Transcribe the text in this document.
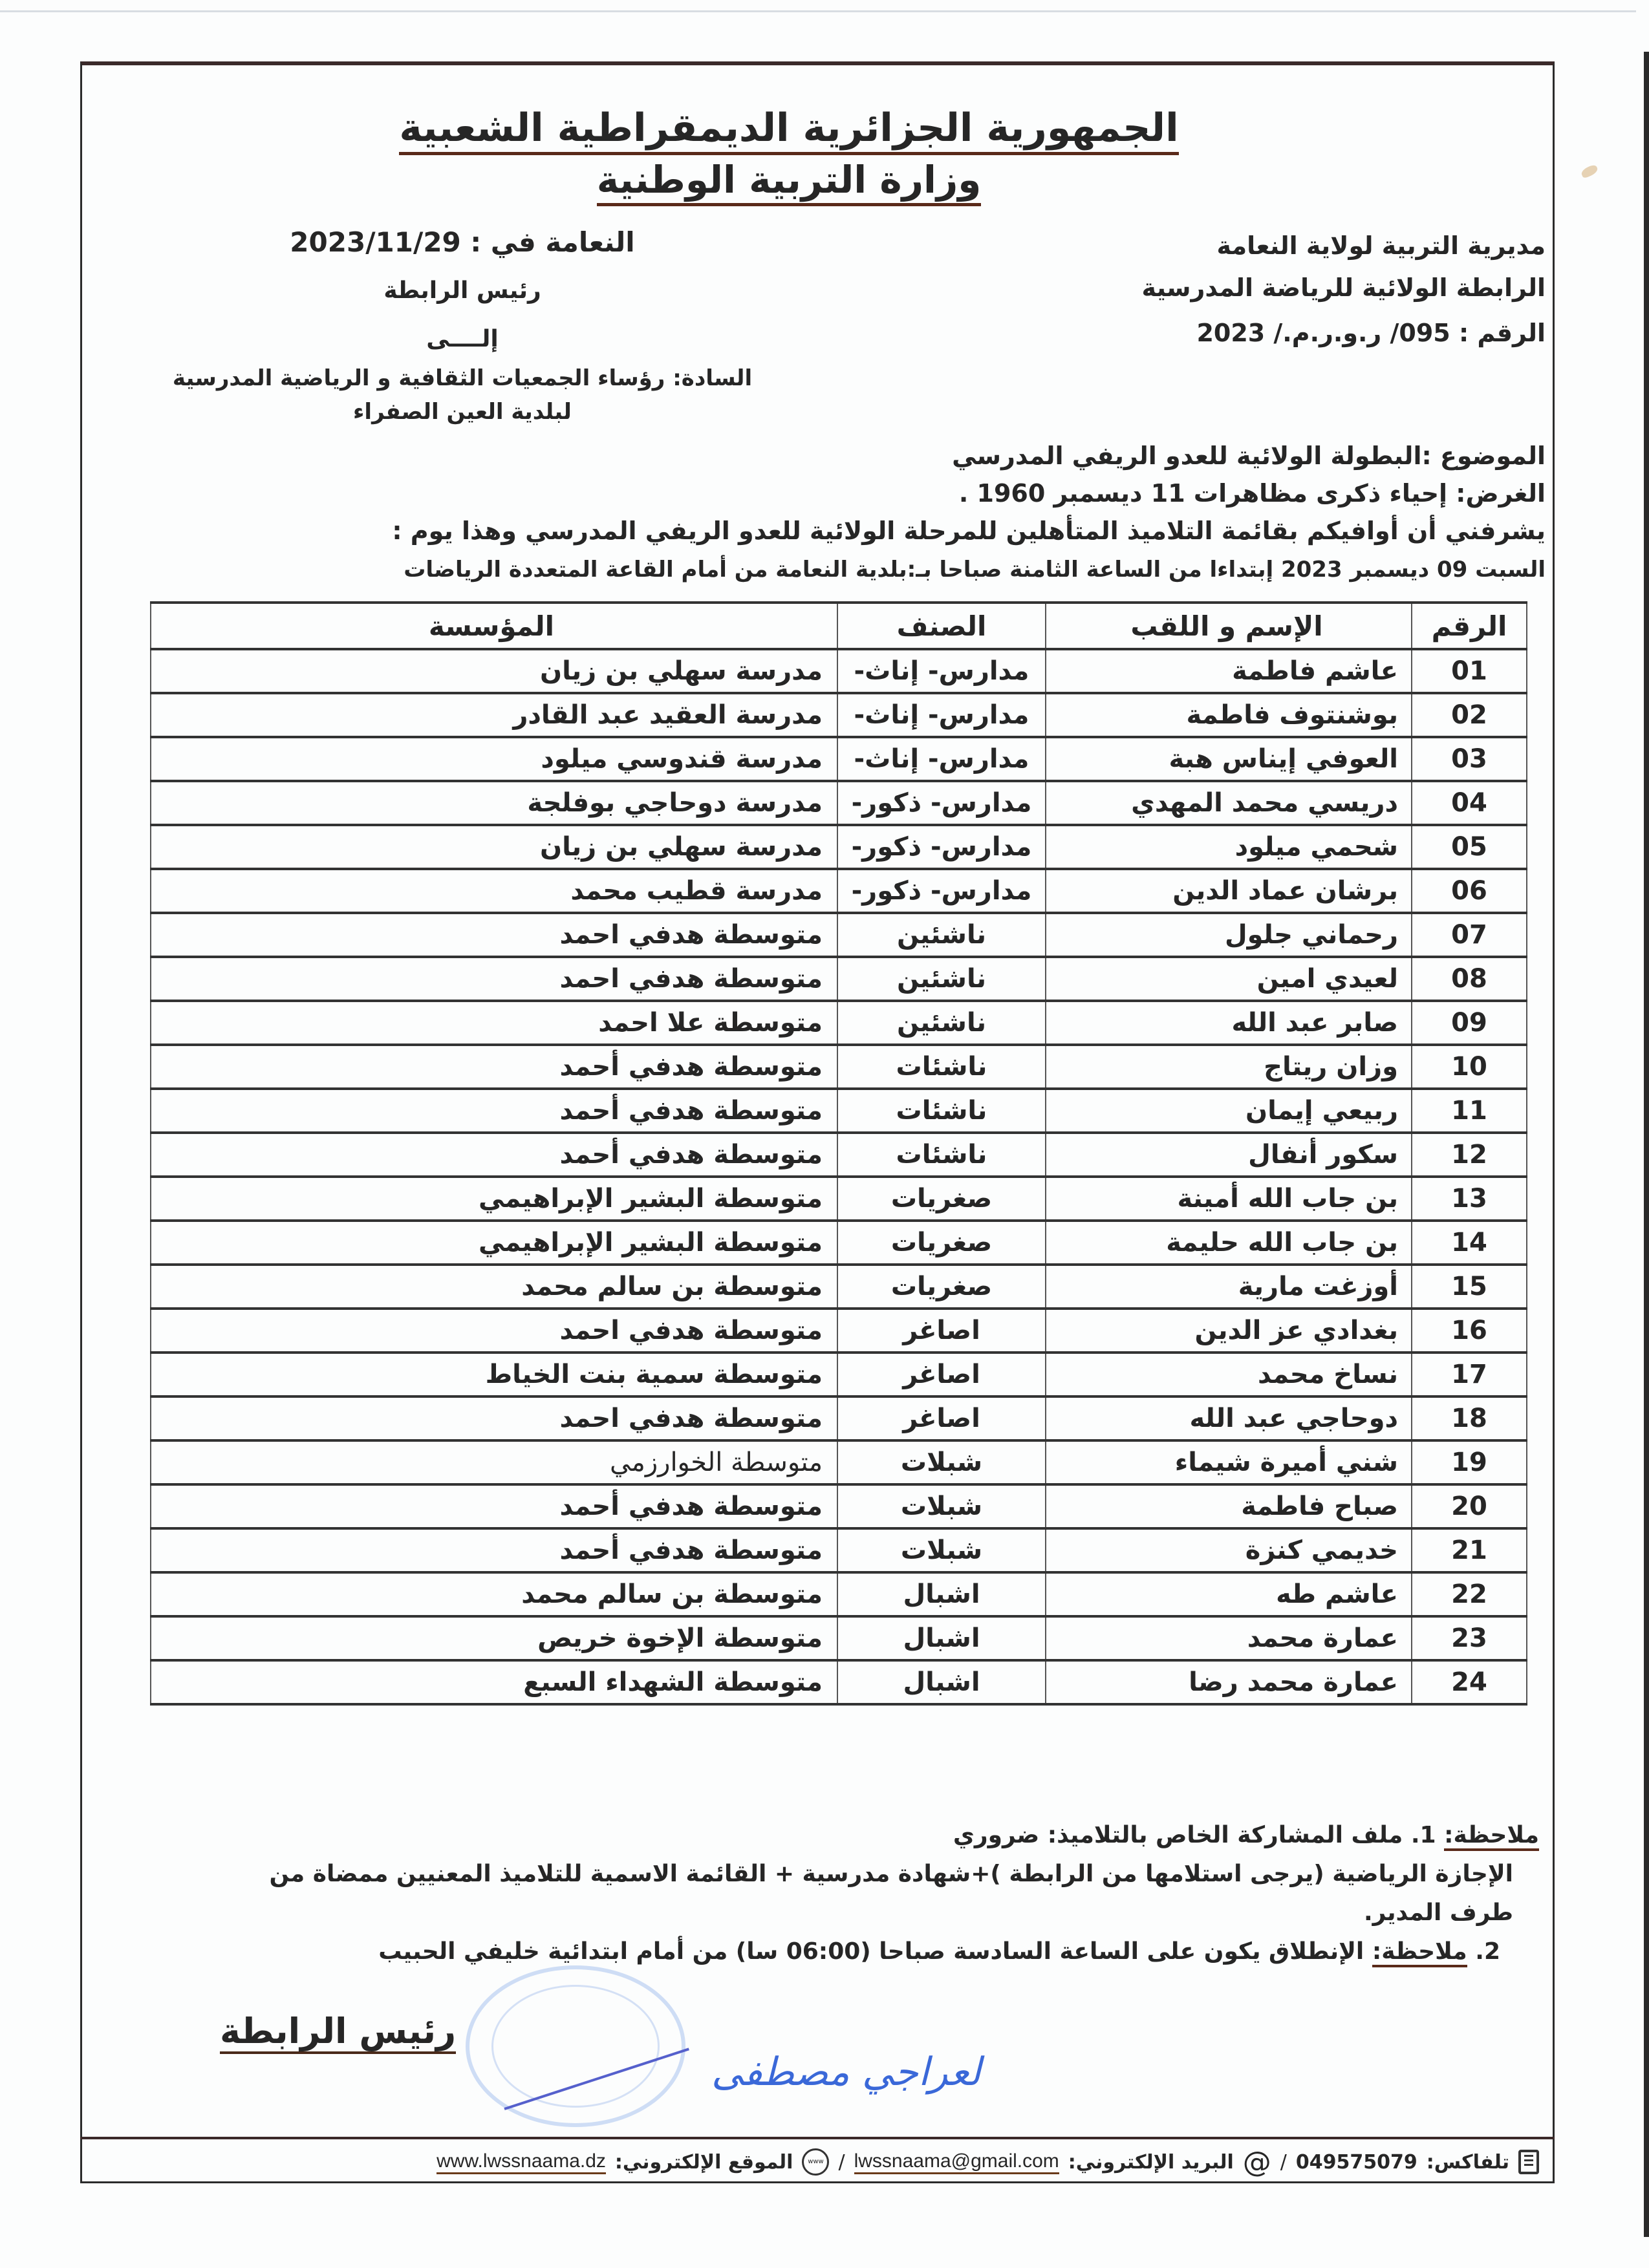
الجمهورية الجزائرية الديمقراطية الشعبية
وزارة التربية الوطنية
مديرية التربية لولاية النعامة
الرابطة الولائية للرياضة المدرسية
الرقم : 095/ ر.و.ر.م./ 2023
النعامة في : 2023/11/29
رئيس الرابطة
إلــــى
السادة: رؤساء الجمعيات الثقافية و الرياضية المدرسية
لبلدية العين الصفراء
الموضوع :البطولة الولائية للعدو الريفي المدرسي
الغرض: إحياء ذكرى مظاهرات 11 ديسمبر 1960 .
يشرفني أن أوافيكم بقائمة التلاميذ المتأهلين للمرحلة الولائية للعدو الريفي المدرسي وهذا يوم :
السبت 09 ديسمبر 2023 إبتداءا من الساعة الثامنة صباحا بـ:بلدية النعامة من أمام القاعة المتعددة الرياضات
الرقم	الإسم و اللقب	الصنف	المؤسسة
01	عاشم فاطمة	مدارس- إناث-	مدرسة سهلي بن زيان
02	بوشنتوف فاطمة	مدارس- إناث-	مدرسة العقيد عبد القادر
03	العوفي إيناس هبة	مدارس- إناث-	مدرسة قندوسي ميلود
04	دريسي محمد المهدي	مدارس- ذكور-	مدرسة دوحاجي بوفلجة
05	شحمي ميلود	مدارس- ذكور-	مدرسة سهلي بن زيان
06	برشان عماد الدين	مدارس- ذكور-	مدرسة قطيب محمد
07	رحماني جلول	ناشئين	متوسطة هدفي احمد
08	لعيدي امين	ناشئين	متوسطة هدفي احمد
09	صابر عبد الله	ناشئين	متوسطة علا احمد
10	وزان ريتاج	ناشئات	متوسطة هدفي أحمد
11	ربيعي إيمان	ناشئات	متوسطة هدفي أحمد
12	سكور أنفال	ناشئات	متوسطة هدفي أحمد
13	بن جاب الله أمينة	صغريات	متوسطة البشير الإبراهيمي
14	بن جاب الله حليمة	صغريات	متوسطة البشير الإبراهيمي
15	أوزغت مارية	صغريات	متوسطة بن سالم محمد
16	بغدادي عز الدين	اصاغر	متوسطة هدفي احمد
17	نساخ محمد	اصاغر	متوسطة سمية بنت الخياط
18	دوحاجي عبد الله	اصاغر	متوسطة هدفي احمد
19	شني أميرة شيماء	شبلات	متوسطة الخوارزمي
20	صباح فاطمة	شبلات	متوسطة هدفي أحمد
21	خديمي كنزة	شبلات	متوسطة هدفي أحمد
22	عاشم طه	اشبال	متوسطة بن سالم محمد
23	عمارة محمد	اشبال	متوسطة الإخوة خريص
24	عمارة محمد رضا	اشبال	متوسطة الشهداء السبع
ملاحظة: 1. ملف المشاركة الخاص بالتلاميذ: ضروري
الإجازة الرياضية (يرجى استلامها من الرابطة )+شهادة مدرسية + القائمة الاسمية للتلاميذ المعنيين ممضاة من
طرف المدير.
2. ملاحظة: الإنطلاق يكون على الساعة السادسة صباحا (06:00 سا) من أمام ابتدائية خليفي الحبيب
رئيس الرابطة
لعراجي مصطفى
تلفاكس:
049575079
/
@
البريد الإلكتروني:
lwssnaama@gmail.com
/
www
الموقع الإلكتروني:
www.lwssnaama.dz
